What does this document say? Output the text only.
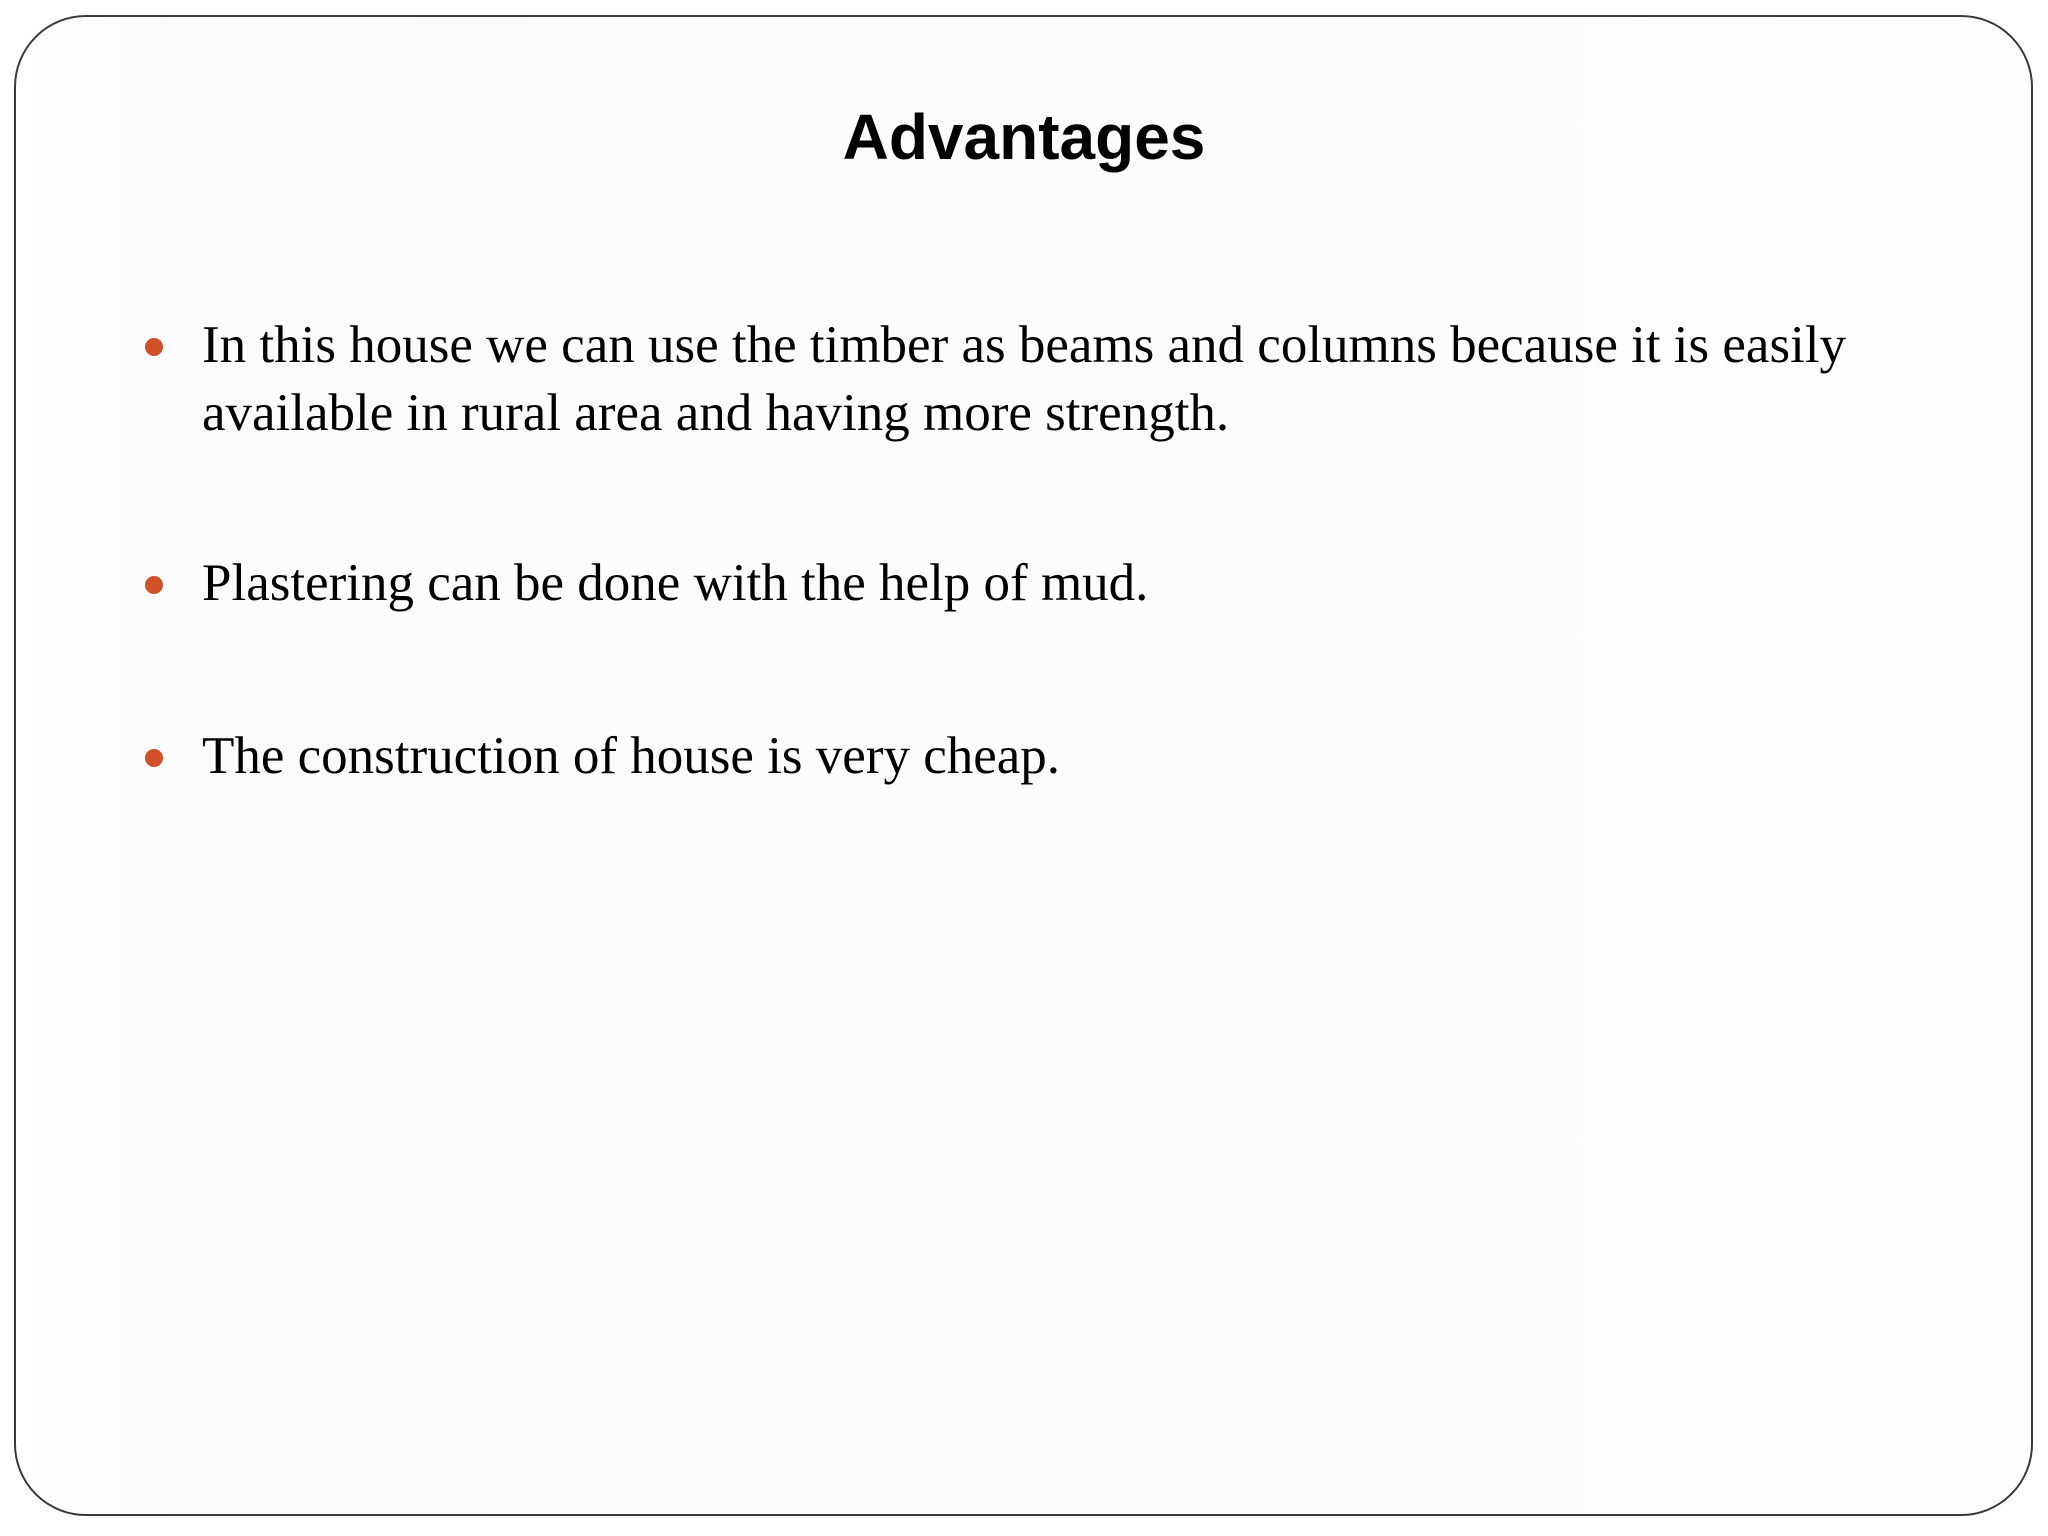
Advantages
In this house we can use the timber as beams and columns because it is easily available in rural area and having more strength.
Plastering can be done with the help of mud.
The construction of house is very cheap.
